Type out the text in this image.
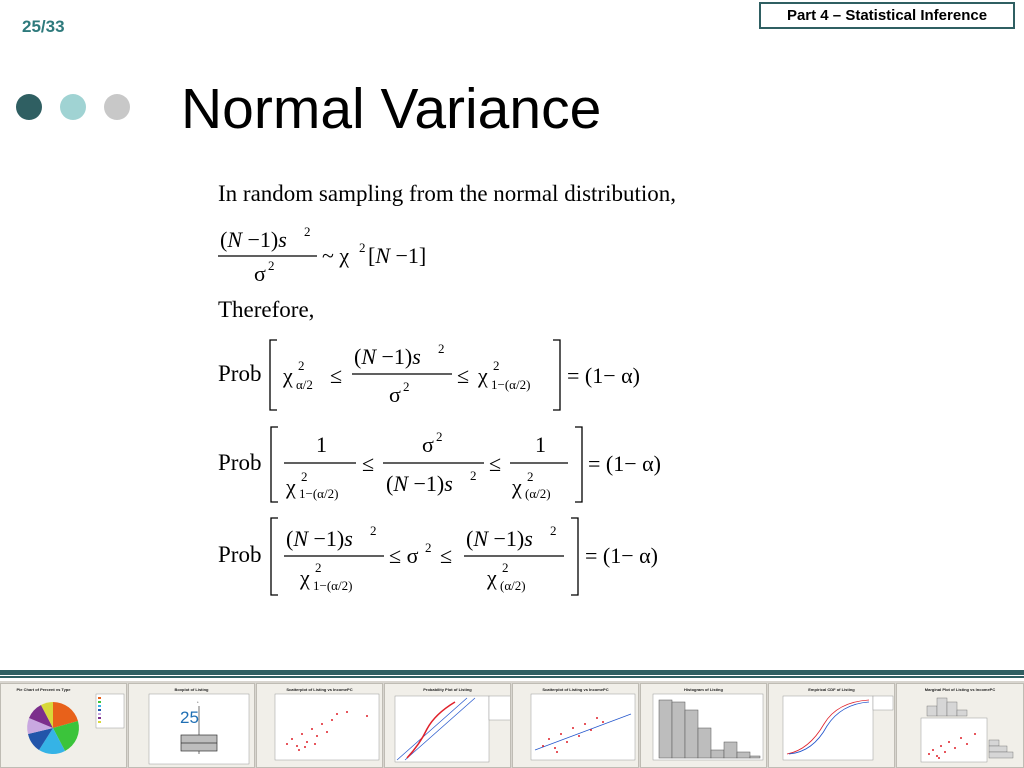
25/33
Part 4 – Statistical Inference
Normal Variance
In random sampling from the normal distribution,
(N −1)s 2
σ 2 ~ χ 2 [N −1]
Therefore,
Prob χ 2
α/2 ≤
(N −1)s 2
σ 2 ≤ χ 2
1−(α/2) = (1− α)
Prob
1
χ 2
1−(α/2)
≤
σ 2
(N −1)s 2 ≤
1
χ 2
(α/2)
= (1− α)
Prob
(N −1)s 2
χ 2
1−(α/2)
≤ σ 2 ≤
(N −1)s 2
χ 2
(α/2)
= (1− α)
Pie Chart of Percent vs Type	Boxplot of Listing
*
Scatterplot of Listing vs IncomePC	Probability Plot of Listing	Scatterplot of Listing vs IncomePC	Histogram of Listing	Empirical CDF of Listing	Marginal Plot of Listing vs IncomePC
25
